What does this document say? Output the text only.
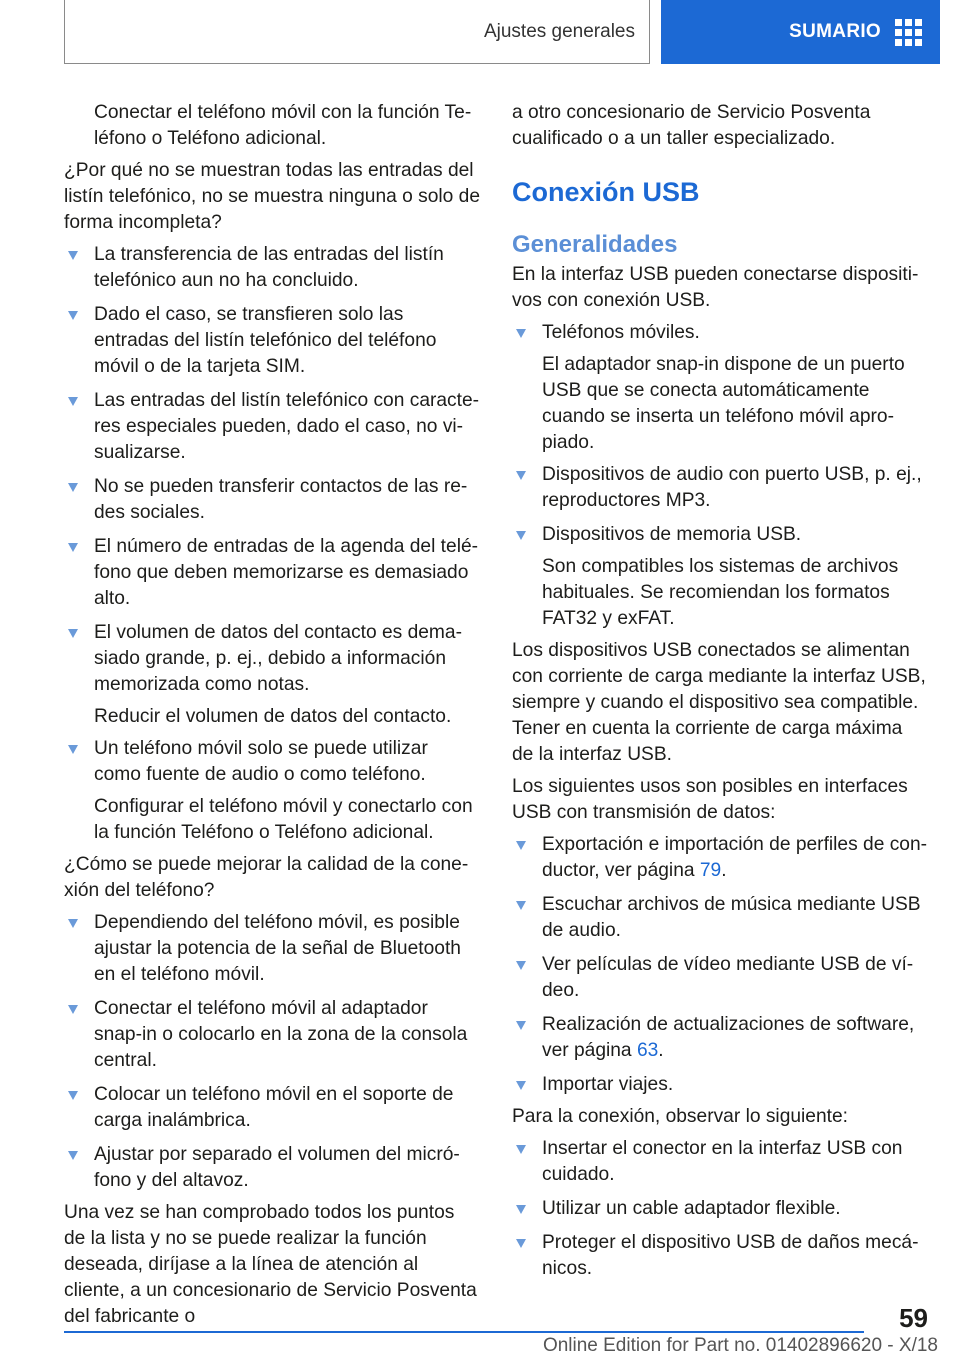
Ajustes generales	SUMARIO

Conectar el teléfono móvil con la función Teléfono o Teléfono adicional.

¿Por qué no se muestran todas las entradas del listín telefónico, no se muestra ninguna o solo de forma incompleta?

La transferencia de las entradas del listín telefónico aun no ha concluido.
Dado el caso, se transfieren solo las entradas del listín telefónico del teléfono móvil o de la tarjeta SIM.
Las entradas del listín telefónico con caracteres especiales pueden, dado el caso, no visualizarse.
No se pueden transferir contactos de las redes sociales.
El número de entradas de la agenda del teléfono que deben memorizarse es demasiado alto.
El volumen de datos del contacto es demasiado grande, p. ej., debido a información memorizada como notas.

Reducir el volumen de datos del contacto.

Un teléfono móvil solo se puede utilizar como fuente de audio o como teléfono.

Configurar el teléfono móvil y conectarlo con la función Teléfono o Teléfono adicional.

¿Cómo se puede mejorar la calidad de la conexión del teléfono?

Dependiendo del teléfono móvil, es posible ajustar la potencia de la señal de Bluetooth en el teléfono móvil.
Conectar el teléfono móvil al adaptador snap-in o colocarlo en la zona de la consola central.
Colocar un teléfono móvil en el soporte de carga inalámbrica.
Ajustar por separado el volumen del micrófono y del altavoz.

Una vez se han comprobado todos los puntos de la lista y no se puede realizar la función deseada, diríjase a la línea de atención al cliente, a un concesionario de Servicio Posventa del fabricante o

a otro concesionario de Servicio Posventa cualificado o a un taller especializado.

Conexión USB
Generalidades

En la interfaz USB pueden conectarse dispositivos con conexión USB.

Teléfonos móviles.

El adaptador snap-in dispone de un puerto USB que se conecta automáticamente cuando se inserta un teléfono móvil apropiado.

Dispositivos de audio con puerto USB, p. ej., reproductores MP3.
Dispositivos de memoria USB.

Son compatibles los sistemas de archivos habituales. Se recomiendan los formatos FAT32 y exFAT.

Los dispositivos USB conectados se alimentan con corriente de carga mediante la interfaz USB, siempre y cuando el dispositivo sea compatible. Tener en cuenta la corriente de carga máxima de la interfaz USB.

Los siguientes usos son posibles en interfaces USB con transmisión de datos:

Exportación e importación de perfiles de conductor, ver página 79.
Escuchar archivos de música mediante USB de audio.
Ver películas de vídeo mediante USB de vídeo.
Realización de actualizaciones de software, ver página 63.
Importar viajes.

Para la conexión, observar lo siguiente:

Insertar el conector en la interfaz USB con cuidado.
Utilizar un cable adaptador flexible.
Proteger el dispositivo USB de daños mecánicos.
59
Online Edition for Part no. 01402896620 - X/18
